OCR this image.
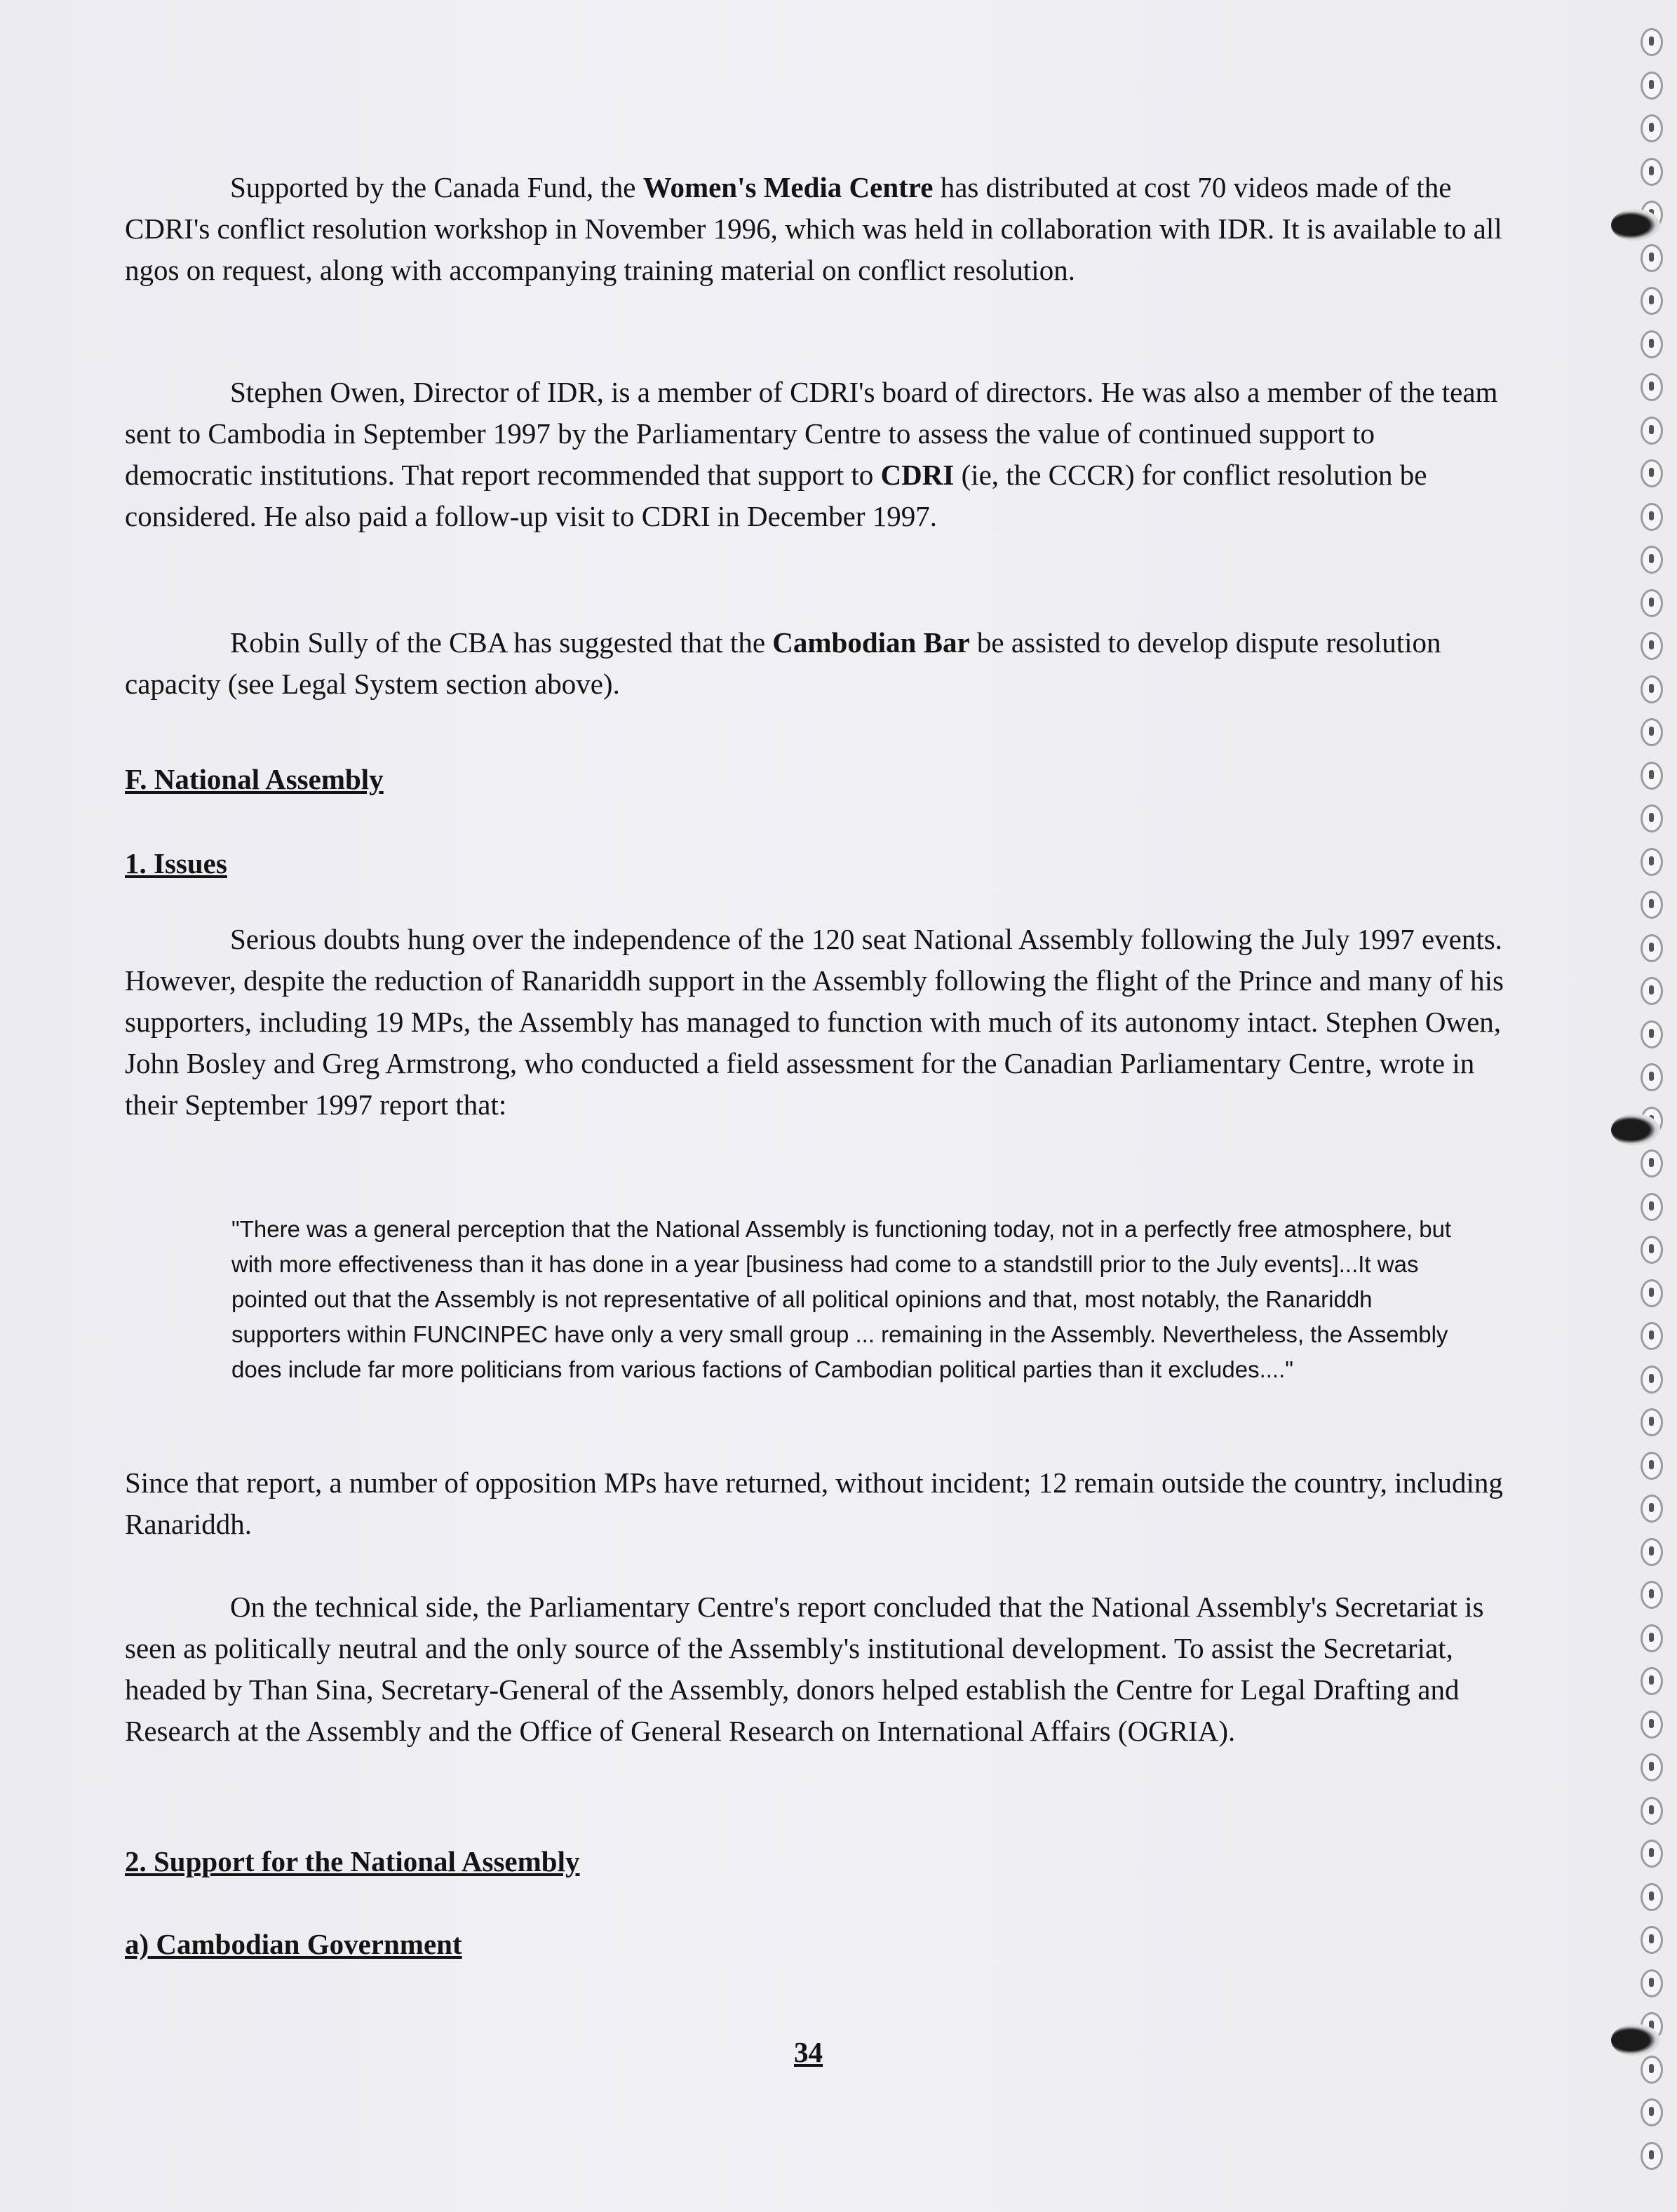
Supported by the Canada Fund, the Women's Media Centre has distributed at cost 70 videos made of the CDRI's conflict resolution workshop in November 1996, which was held in collaboration with IDR. It is available to all ngos on request, along with accompanying training material on conflict resolution.

Stephen Owen, Director of IDR, is a member of CDRI's board of directors. He was also a member of the team sent to Cambodia in September 1997 by the Parliamentary Centre to assess the value of continued support to democratic institutions. That report recommended that support to CDRI (ie, the CCCR) for conflict resolution be considered. He also paid a follow-up visit to CDRI in December 1997.

Robin Sully of the CBA has suggested that the Cambodian Bar be assisted to develop dispute resolution capacity (see Legal System section above).

F. National Assembly
1. Issues

Serious doubts hung over the independence of the 120 seat National Assembly following the July 1997 events. However, despite the reduction of Ranariddh support in the Assembly following the flight of the Prince and many of his supporters, including 19 MPs, the Assembly has managed to function with much of its autonomy intact. Stephen Owen, John Bosley and Greg Armstrong, who conducted a field assessment for the Canadian Parliamentary Centre, wrote in their September 1997 report that:

"There was a general perception that the National Assembly is functioning today, not in a perfectly free atmosphere, but with more effectiveness than it has done in a year [business had come to a standstill prior to the July events]...It was pointed out that the Assembly is not representative of all political opinions and that, most notably, the Ranariddh supporters within FUNCINPEC have only a very small group ... remaining in the Assembly. Nevertheless, the Assembly does include far more politicians from various factions of Cambodian political parties than it excludes...."

Since that report, a number of opposition MPs have returned, without incident; 12 remain outside the country, including Ranariddh.

On the technical side, the Parliamentary Centre's report concluded that the National Assembly's Secretariat is seen as politically neutral and the only source of the Assembly's institutional development. To assist the Secretariat, headed by Than Sina, Secretary-General of the Assembly, donors helped establish the Centre for Legal Drafting and Research at the Assembly and the Office of General Research on International Affairs (OGRIA).

2. Support for the National Assembly
a) Cambodian Government
34
